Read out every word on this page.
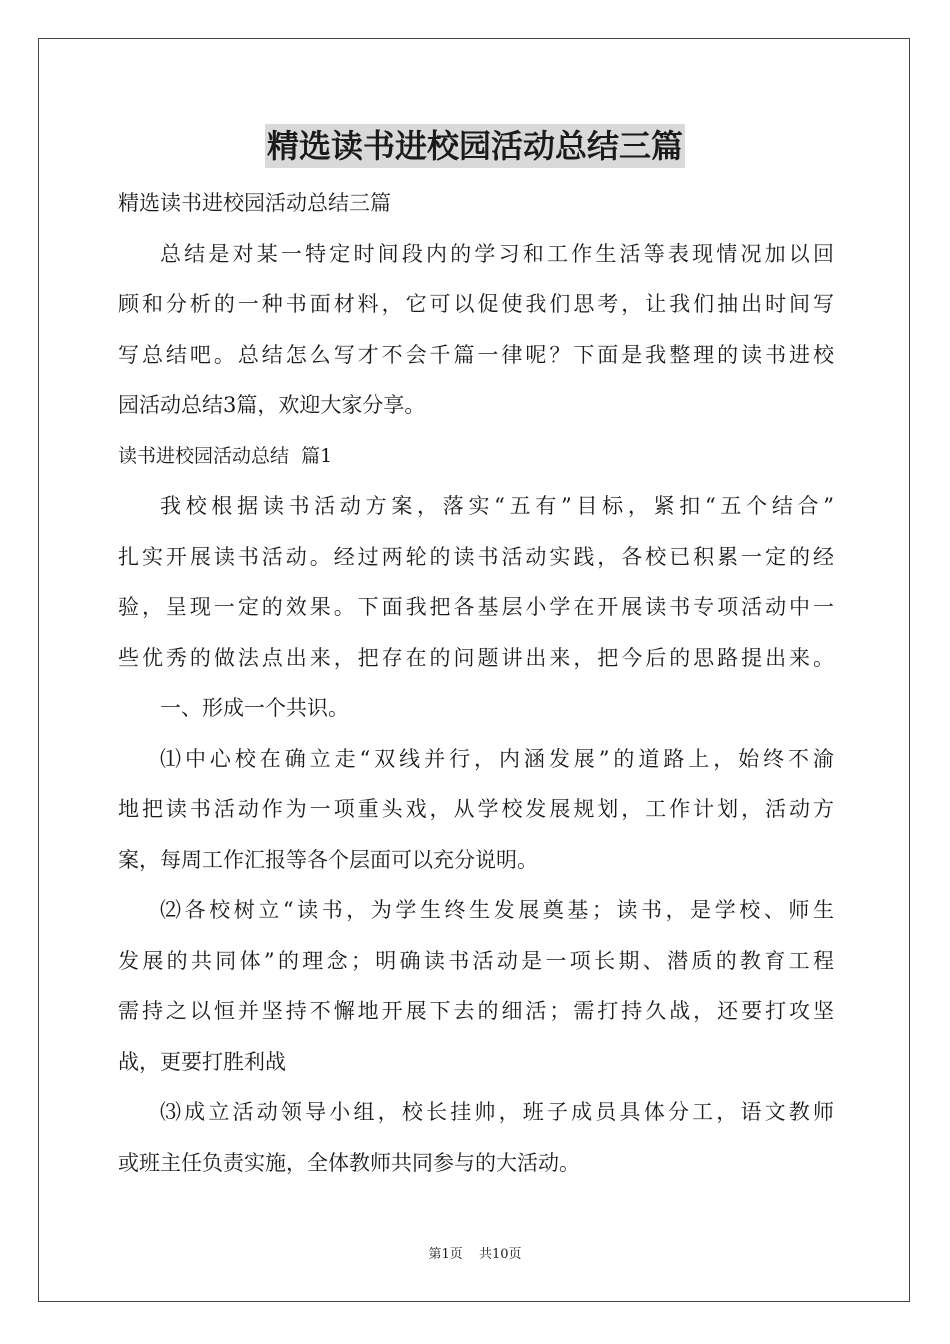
精选读书进校园活动总结三篇
精选读书进校园活动总结三篇
总结是对某一特定时间段内的学习和工作生活等表现情况加以回
顾和分析的一种书面材料，它可以促使我们思考，让我们抽出时间写
写总结吧。总结怎么写才不会千篇一律呢？下面是我整理的读书进校
园活动总结3篇，欢迎大家分享。
读书进校园活动总结  篇1
我校根据读书活动方案，落实“五有”目标，紧扣“五个结合”
扎实开展读书活动。经过两轮的读书活动实践，各校已积累一定的经
验，呈现一定的效果。下面我把各基层小学在开展读书专项活动中一
些优秀的做法点出来，把存在的问题讲出来，把今后的思路提出来。
一、形成一个共识。
⑴中心校在确立走“双线并行，内涵发展”的道路上，始终不渝
地把读书活动作为一项重头戏，从学校发展规划，工作计划，活动方
案，每周工作汇报等各个层面可以充分说明。
⑵各校树立“读书，为学生终生发展奠基；读书，是学校、师生
发展的共同体”的理念；明确读书活动是一项长期、潜质的教育工程
需持之以恒并坚持不懈地开展下去的细活；需打持久战，还要打攻坚
战，更要打胜利战
⑶成立活动领导小组，校长挂帅，班子成员具体分工，语文教师
或班主任负责实施，全体教师共同参与的大活动。
第1页 共10页
